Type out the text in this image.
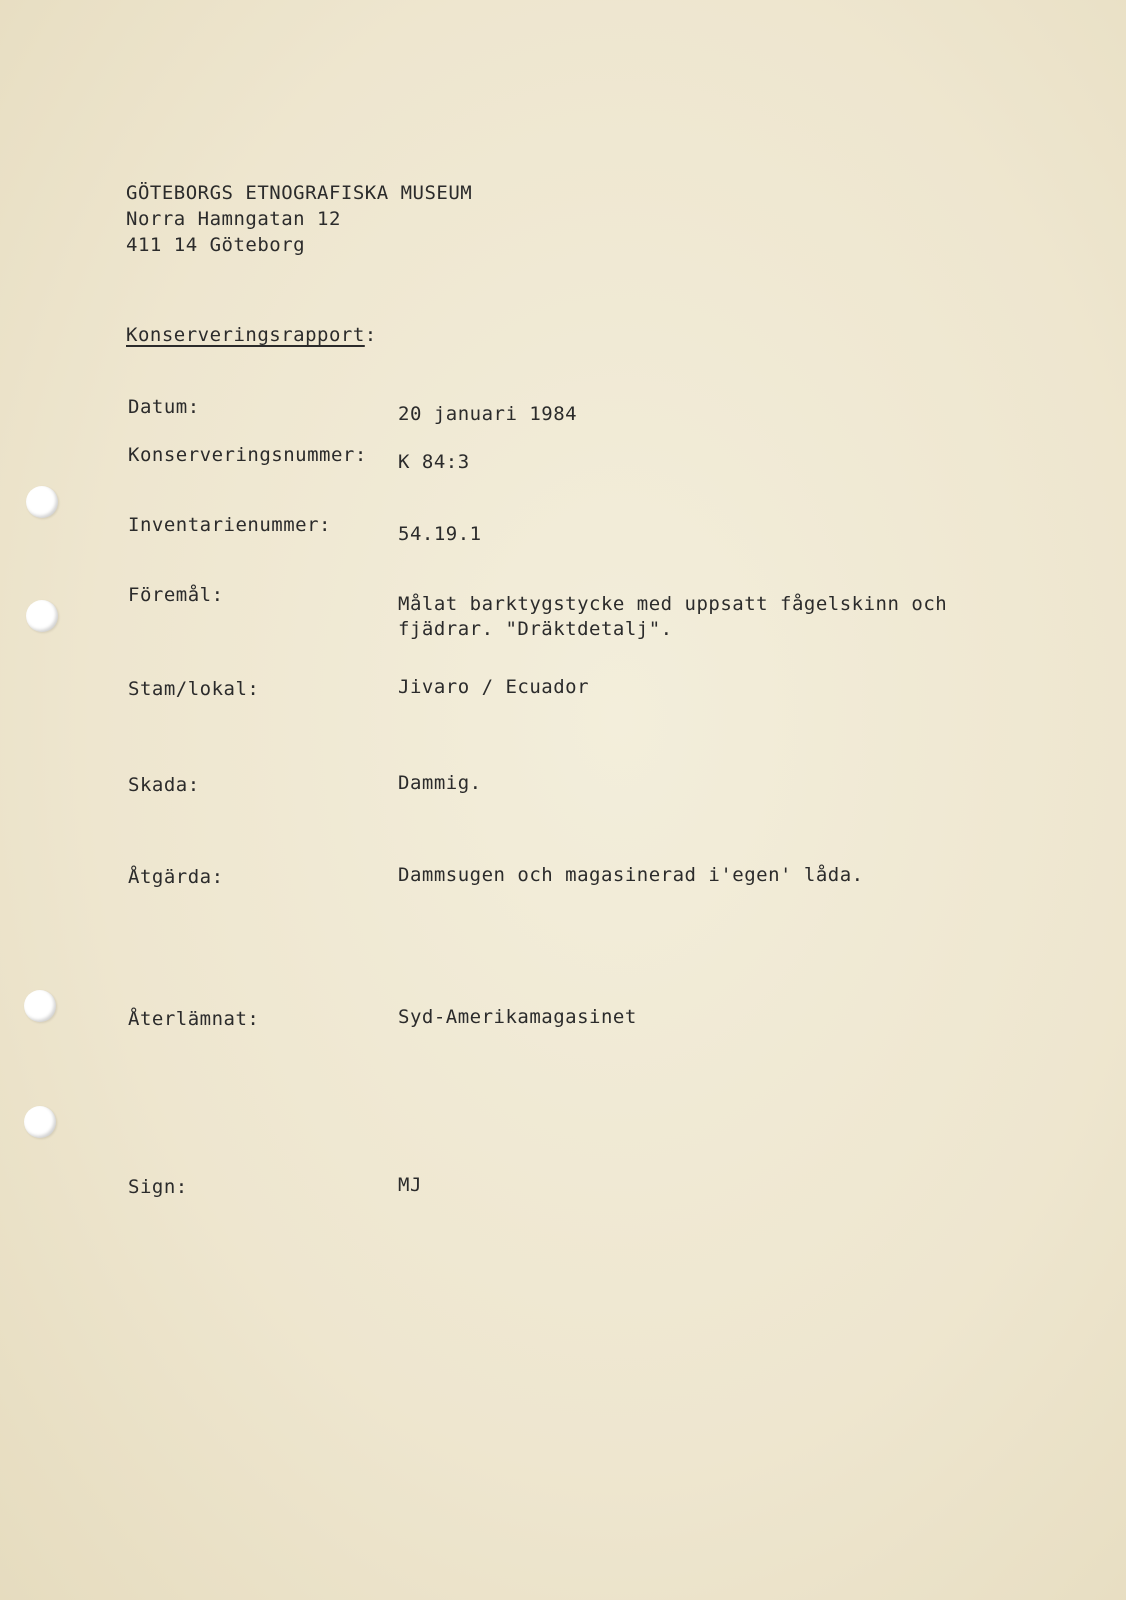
GÖTEBORGS ETNOGRAFISKA MUSEUM
Norra Hamngatan 12
411 14 Göteborg
Konserveringsrapport:
Datum:	20 januari 1984
Konserveringsnummer: K 84:3
Inventarienummer:	54.19.1
Föremål:	Målat barktygstycke med uppsatt fågelskinn och
fjädrar. "Dräktdetalj".
Stam/lokal:	Jivaro / Ecuador
Skada:	Dammig.
Åtgärda:	Dammsugen och magasinerad i'egen' låda.
Återlämnat:	Syd-Amerikamagasinet
Sign:	MJ
